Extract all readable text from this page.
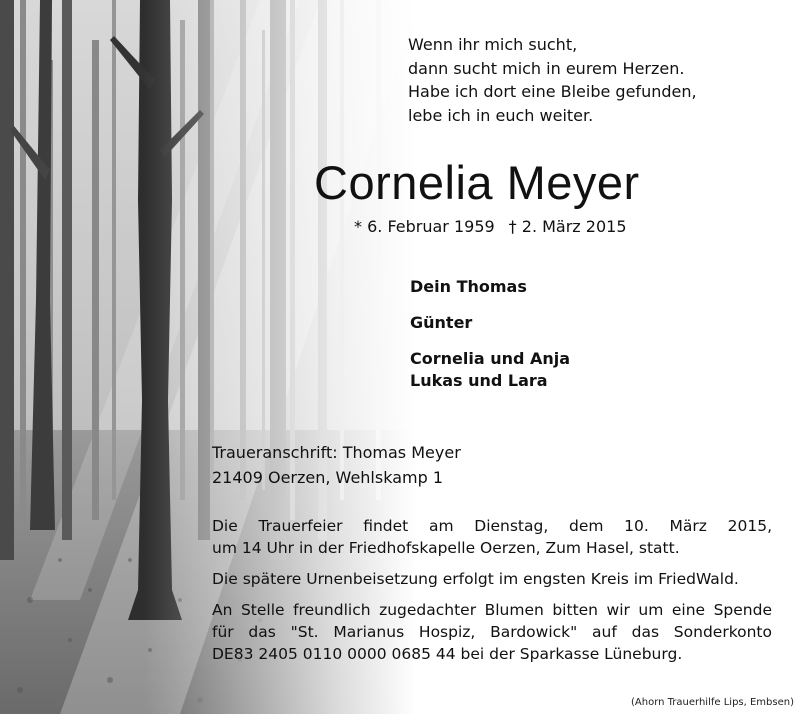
Wenn ihr mich sucht,
dann sucht mich in eurem Herzen.
Habe ich dort eine Bleibe gefunden,
lebe ich in euch weiter.
Cornelia Meyer
* 6. Februar 1959 † 2. März 2015
Dein Thomas
Günter
Cornelia und Anja
Lukas und Lara
Traueranschrift: Thomas Meyer
21409 Oerzen, Wehlskamp 1

Die Trauerfeier findet am Dienstag, dem 10. März 2015,
um 14 Uhr in der Friedhofskapelle Oerzen, Zum Hasel, statt.

Die spätere Urnenbeisetzung erfolgt im engsten Kreis im FriedWald.

An Stelle freundlich zugedachter Blumen bitten wir um eine Spende
für das "St. Marianus Hospiz, Bardowick" auf das Sonderkonto
DE83 2405 0110 0000 0685 44 bei der Sparkasse Lüneburg.

(Ahorn Trauerhilfe Lips, Embsen)
